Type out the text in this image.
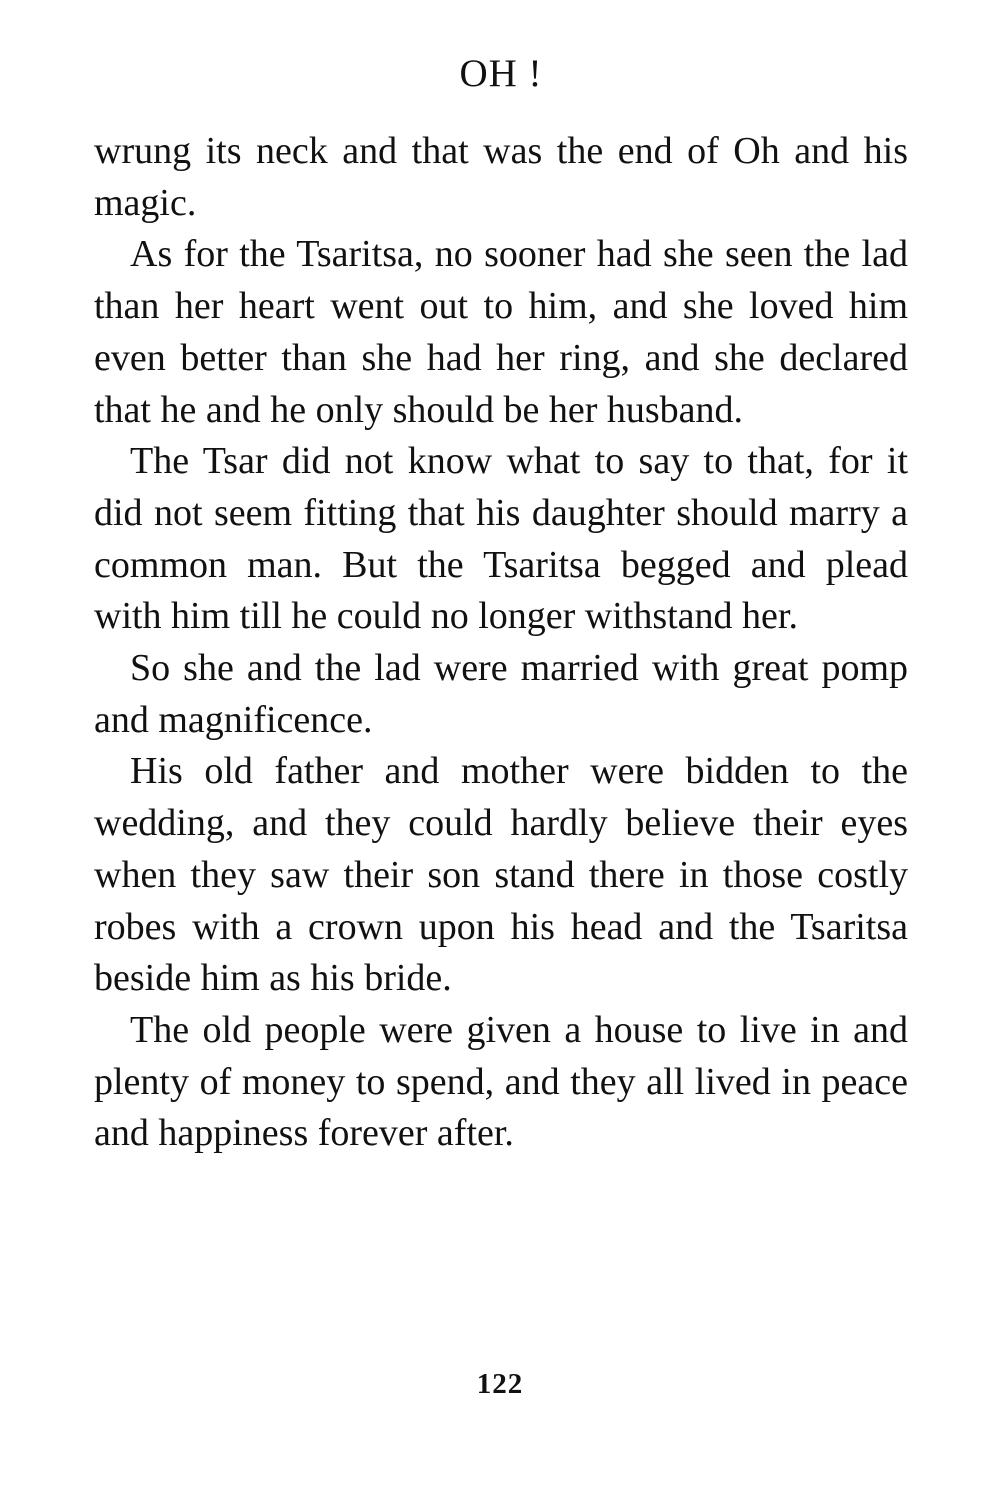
OH !

wrung its neck and that was the end of Oh and his magic.

As for the Tsaritsa, no sooner had she seen the lad than her heart went out to him, and she loved him even better than she had her ring, and she declared that he and he only should be her husband.

The Tsar did not know what to say to that, for it did not seem fitting that his daughter should marry a common man. But the Tsaritsa begged and plead with him till he could no longer withstand her.

So she and the lad were married with great pomp and magnificence.

His old father and mother were bidden to the wedding, and they could hardly believe their eyes when they saw their son stand there in those costly robes with a crown upon his head and the Tsaritsa beside him as his bride.

The old people were given a house to live in and plenty of money to spend, and they all lived in peace and happiness forever after.

122
